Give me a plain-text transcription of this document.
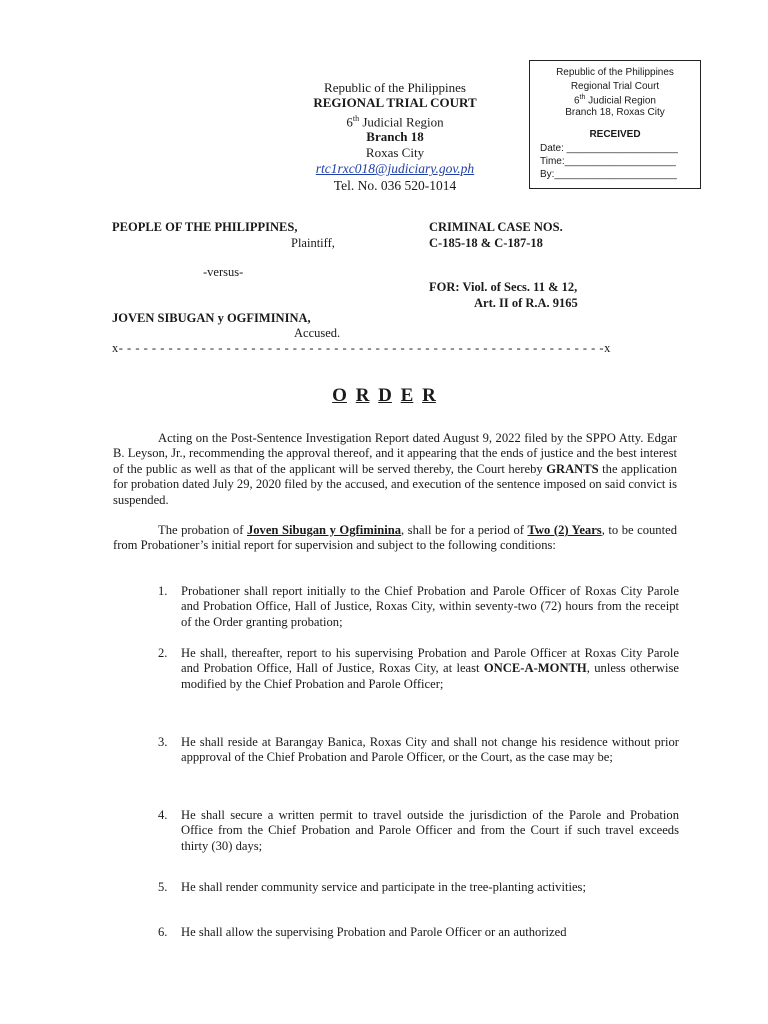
Republic of the Philippines
REGIONAL TRIAL COURT
6th Judicial Region
Branch 18
Roxas City
rtc1rxc018@judiciary.gov.ph
Tel. No. 036 520-1014
Republic of the Philippines
Regional Trial Court
6th Judicial Region
Branch 18, Roxas City
RECEIVED
Date: ____________________
Time:____________________
By:______________________
PEOPLE OF THE PHILIPPINES,
Plaintiff,
-versus-
JOVEN SIBUGAN y OGFIMININA,
Accused.
CRIMINAL CASE NOS.
C-185-18 & C-187-18
FOR: Viol. of Secs. 11 & 12,
Art. II of R.A. 9165
x- - - - - - - - - - - - - - - - - - - - - - - - - - - - - - - - - - - - - - - - - - - - - - - - - - - - - - - - - - -x
O R D E R

Acting on the Post-Sentence Investigation Report dated August 9, 2022 filed by the SPPO Atty. Edgar B. Leyson, Jr., recommending the approval thereof, and it appearing that the ends of justice and the best interest of the public as well as that of the applicant will be served thereby, the Court hereby GRANTS the application for probation dated July 29, 2020 filed by the accused, and execution of the sentence imposed on said convict is suspended.

The probation of Joven Sibugan y Ogfiminina, shall be for a period of Two (2) Years, to be counted from Probationer’s initial report for supervision and subject to the following conditions:

1. Probationer shall report initially to the Chief Probation and Parole Officer of Roxas City Parole and Probation Office, Hall of Justice, Roxas City, within seventy-two (72) hours from the receipt of the Order granting probation;
2. He shall, thereafter, report to his supervising Probation and Parole Officer at Roxas City Parole and Probation Office, Hall of Justice, Roxas City, at least ONCE-A-MONTH, unless otherwise modified by the Chief Probation and Parole Officer;
3. He shall reside at Barangay Banica, Roxas City and shall not change his residence without prior appproval of the Chief Probation and Parole Officer, or the Court, as the case may be;
4. He shall secure a written permit to travel outside the jurisdiction of the Parole and Probation Office from the Chief Probation and Parole Officer and from the Court if such travel exceeds thirty (30) days;
5. He shall render community service and participate in the tree-planting activities;
6. He shall allow the supervising Probation and Parole Officer or an authorized
